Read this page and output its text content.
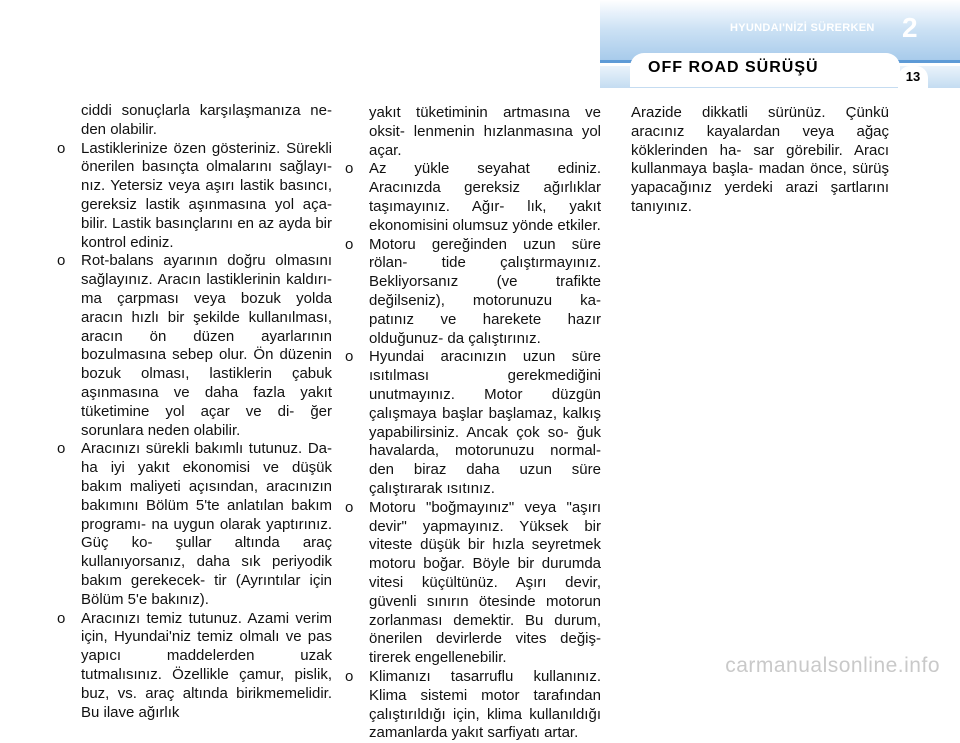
HYUNDAI'NİZİ SÜRERKEN 2
OFF ROAD SÜRÜŞÜ
13

ciddi sonuçlarla karşılaşmanıza ne- den olabilir.

o Lastiklerinize özen gösteriniz. Sürekli önerilen basınçta olmalarını sağlayı- nız. Yetersiz veya aşırı lastik basıncı, gereksiz lastik aşınmasına yol aça- bilir. Lastik basınçlarını en az ayda bir kontrol ediniz.

o Rot-balans ayarının doğru olmasını sağlayınız. Aracın lastiklerinin kaldırı- ma çarpması veya bozuk yolda aracın hızlı bir şekilde kullanılması, aracın ön düzen ayarlarının bozulmasına sebep olur. Ön düzenin bozuk olması, lastiklerin çabuk aşınmasına ve daha fazla yakıt tüketimine yol açar ve di- ğer sorunlara neden olabilir.

o Aracınızı sürekli bakımlı tutunuz. Da- ha iyi yakıt ekonomisi ve düşük bakım maliyeti açısından, aracınızın bakımını Bölüm 5'te anlatılan bakım programı- na uygun olarak yaptırınız. Güç ko- şullar altında araç kullanıyorsanız, daha sık periyodik bakım gerekecek- tir (Ayrıntılar için Bölüm 5'e bakınız).

o Aracınızı temiz tutunuz. Azami verim için, Hyundai'niz temiz olmalı ve pas yapıcı maddelerden uzak tutmalısınız. Özellikle çamur, pislik, buz, vs. araç altında birikmemelidir. Bu ilave ağırlık

yakıt tüketiminin artmasına ve oksit- lenmenin hızlanmasına yol açar.

o Az yükle seyahat ediniz. Aracınızda gereksiz ağırlıklar taşımayınız. Ağır- lık, yakıt ekonomisini olumsuz yönde etkiler.

o Motoru gereğinden uzun süre rölan- tide çalıştırmayınız. Bekliyorsanız (ve trafikte değilseniz), motorunuzu ka- patınız ve harekete hazır olduğunuz- da çalıştırınız.

o Hyundai aracınızın uzun süre ısıtılması gerekmediğini unutmayınız. Motor düzgün çalışmaya başlar başlamaz, kalkış yapabilirsiniz. Ancak çok so- ğuk havalarda, motorunuzu normal- den biraz daha uzun süre çalıştırarak ısıtınız.

o Motoru "boğmayınız" veya "aşırı devir" yapmayınız. Yüksek bir viteste düşük bir hızla seyretmek motoru boğar. Böyle bir durumda vitesi küçültünüz. Aşırı devir, güvenli sınırın ötesinde motorun zorlanması demektir. Bu durum, önerilen devirlerde vites değiş- tirerek engellenebilir.

o Klimanızı tasarruflu kullanınız. Klima sistemi motor tarafından çalıştırıldığı için, klima kullanıldığı zamanlarda yakıt sarfiyatı artar.

Arazide dikkatli sürünüz. Çünkü aracınız kayalardan veya ağaç köklerinden ha- sar görebilir. Aracı kullanmaya başla- madan önce, sürüş yapacağınız yerdeki arazi şartlarını tanıyınız.

carmanualsonline.info
